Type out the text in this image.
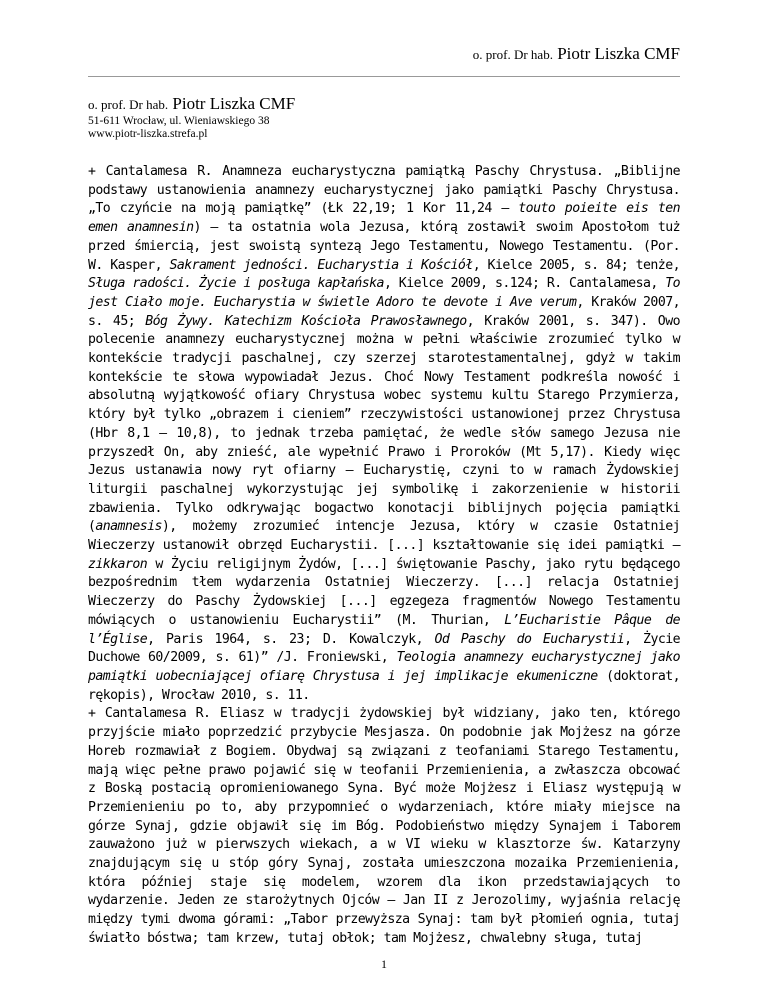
o. prof. Dr hab. Piotr Liszka CMF
o. prof. Dr hab. Piotr Liszka CMF
51-611 Wrocław, ul. Wieniawskiego 38
www.piotr-liszka.strefa.pl

+ Cantalamesa R. Anamneza eucharystyczna pamiątką Paschy Chrystusa. „Biblijne podstawy ustanowienia anamnezy eucharystycznej jako pamiątki Paschy Chrystusa. „To czyńcie na moją pamiątkę” (Łk 22,19; 1 Kor 11,24 – touto poieite eis ten emen anamnesin) – ta ostatnia wola Jezusa, którą zostawił swoim Apostołom tuż przed śmiercią, jest swoistą syntezą Jego Testamentu, Nowego Testamentu. (Por. W. Kasper, Sakrament jedności. Eucharystia i Kościół, Kielce 2005, s. 84; tenże, Sługa radości. Życie i posługa kapłańska, Kielce 2009, s.124; R. Cantalamesa, To jest Ciało moje. Eucharystia w świetle Adoro te devote i Ave verum, Kraków 2007, s. 45; Bóg Żywy. Katechizm Kościoła Prawosławnego, Kraków 2001, s. 347). Owo polecenie anamnezy eucharystycznej można w pełni właściwie zrozumieć tylko w kontekście tradycji paschalnej, czy szerzej starotestamentalnej, gdyż w takim kontekście te słowa wypowiadał Jezus. Choć Nowy Testament podkreśla nowość i absolutną wyjątkowość ofiary Chrystusa wobec systemu kultu Starego Przymierza, który był tylko „obrazem i cieniem” rzeczywistości ustanowionej przez Chrystusa (Hbr 8,1 – 10,8), to jednak trzeba pamiętać, że wedle słów samego Jezusa nie przyszedł On, aby znieść, ale wypełnić Prawo i Proroków (Mt 5,17). Kiedy więc Jezus ustanawia nowy ryt ofiarny – Eucharystię, czyni to w ramach Żydowskiej liturgii paschalnej wykorzystując jej symbolikę i zakorzenienie w historii zbawienia. Tylko odkrywając bogactwo konotacji biblijnych pojęcia pamiątki (anamnesis), możemy zrozumieć intencje Jezusa, który w czasie Ostatniej Wieczerzy ustanowił obrzęd Eucharystii. [...] kształtowanie się idei pamiątki – zikkaron w Życiu religijnym Żydów, [...] świętowanie Paschy, jako rytu będącego bezpośrednim tłem wydarzenia Ostatniej Wieczerzy. [...] relacja Ostatniej Wieczerzy do Paschy Żydowskiej [...] egzegeza fragmentów Nowego Testamentu mówiących o ustanowieniu Eucharystii” (M. Thurian, L’Eucharistie Pâque de l’Église, Paris 1964, s. 23; D. Kowalczyk, Od Paschy do Eucharystii, Życie Duchowe 60/2009, s. 61)” /J. Froniewski, Teologia anamnezy eucharystycznej jako pamiątki uobecniającej ofiarę Chrystusa i jej implikacje ekumeniczne (doktorat, rękopis), Wrocław 2010, s. 11.

+ Cantalamesa R. Eliasz w tradycji żydowskiej był widziany, jako ten, którego przyjście miało poprzedzić przybycie Mesjasza. On podobnie jak Mojżesz na górze Horeb rozmawiał z Bogiem. Obydwaj są związani z teofaniami Starego Testamentu, mają więc pełne prawo pojawić się w teofanii Przemienienia, a zwłaszcza obcować z Boską postacią opromieniowanego Syna. Być może Mojżesz i Eliasz występują w Przemienieniu po to, aby przypomnieć o wydarzeniach, które miały miejsce na górze Synaj, gdzie objawił się im Bóg. Podobieństwo między Synajem i Taborem zauważono już w pierwszych wiekach, a w VI wieku w klasztorze św. Katarzyny znajdującym się u stóp góry Synaj, została umieszczona mozaika Przemienienia, która później staje się modelem, wzorem dla ikon przedstawiających to wydarzenie. Jeden ze starożytnych Ojców – Jan II z Jerozolimy, wyjaśnia relację między tymi dwoma górami: „Tabor przewyższa Synaj: tam był płomień ognia, tutaj światło bóstwa; tam krzew, tutaj obłok; tam Mojżesz, chwalebny sługa, tutaj

1
